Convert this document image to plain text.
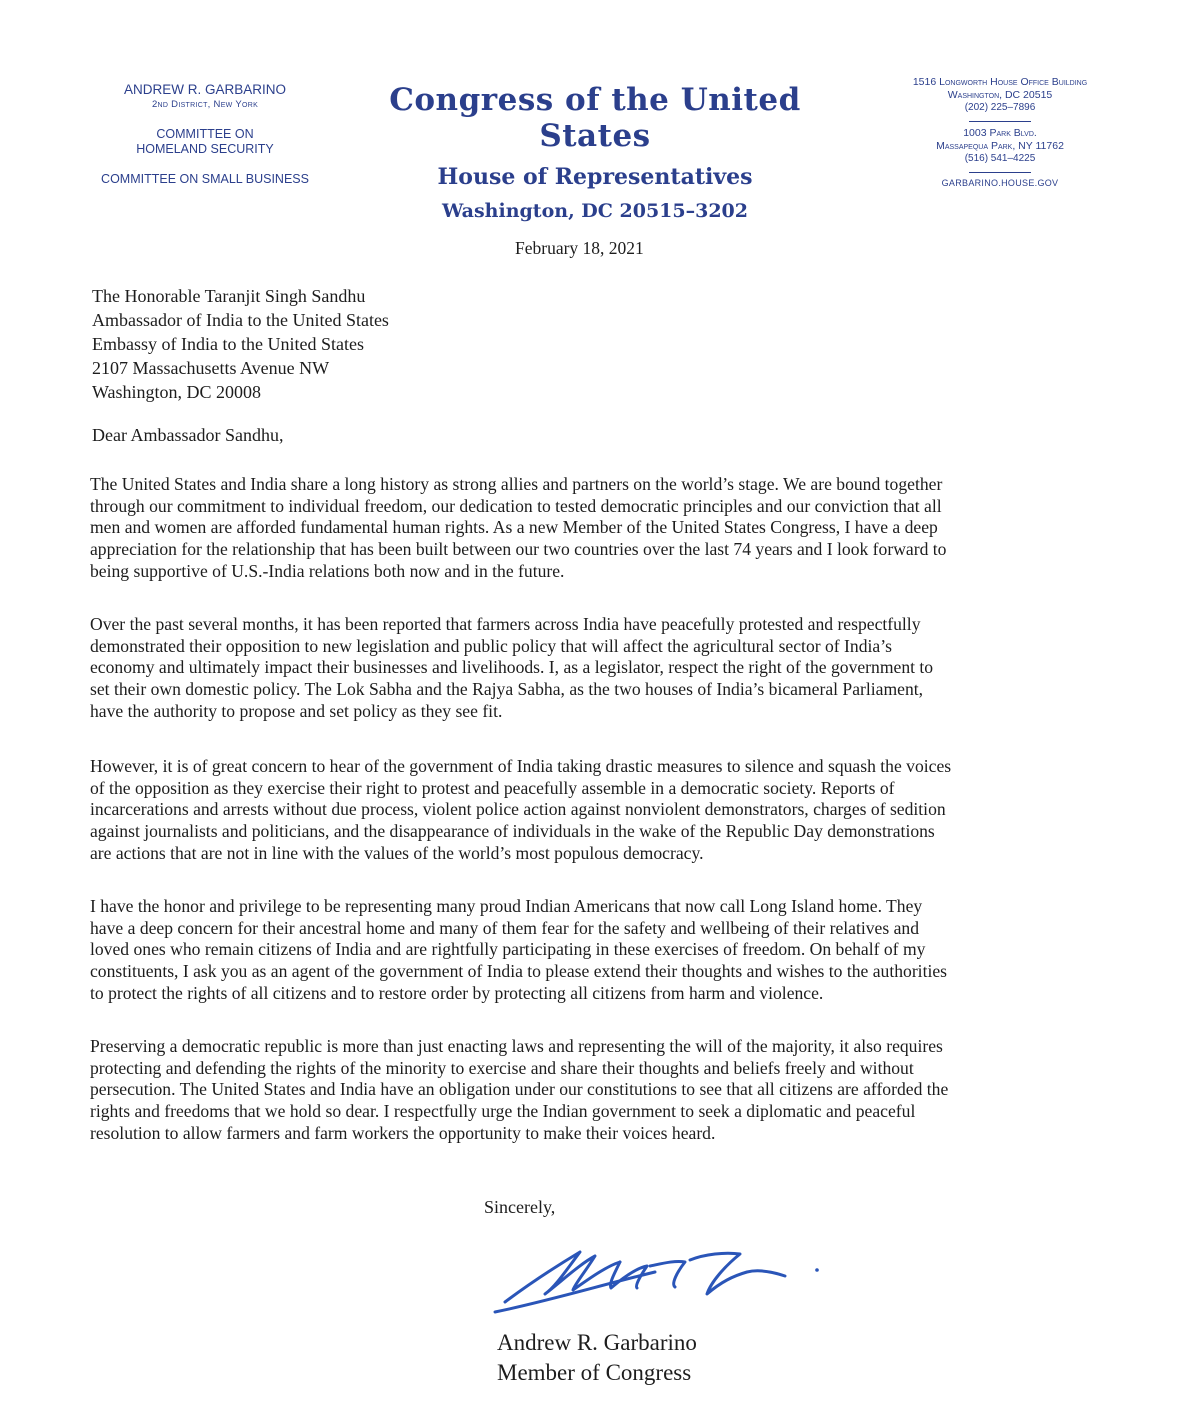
ANDREW R. GARBARINO
2nd District, New York
COMMITTEE ON
HOMELAND SECURITY
COMMITTEE ON SMALL BUSINESS
Congress of the United States
House of Representatives
Washington, DC 20515–3202
1516 Longworth House Office Building
Washington, DC 20515
(202) 225–7896
1003 Park Blvd.
Massapequa Park, NY 11762
(516) 541–4225
GARBARINO.HOUSE.GOV
February 18, 2021
The Honorable Taranjit Singh Sandhu
Ambassador of India to the United States
Embassy of India to the United States
2107 Massachusetts Avenue NW
Washington, DC 20008
Dear Ambassador Sandhu,
The United States and India share a long history as strong allies and partners on the world’s stage. We are bound together
through our commitment to individual freedom, our dedication to tested democratic principles and our conviction that all
men and women are afforded fundamental human rights. As a new Member of the United States Congress, I have a deep
appreciation for the relationship that has been built between our two countries over the last 74 years and I look forward to
being supportive of U.S.-India relations both now and in the future.
Over the past several months, it has been reported that farmers across India have peacefully protested and respectfully
demonstrated their opposition to new legislation and public policy that will affect the agricultural sector of India’s
economy and ultimately impact their businesses and livelihoods. I, as a legislator, respect the right of the government to
set their own domestic policy. The Lok Sabha and the Rajya Sabha, as the two houses of India’s bicameral Parliament,
have the authority to propose and set policy as they see fit.
However, it is of great concern to hear of the government of India taking drastic measures to silence and squash the voices
of the opposition as they exercise their right to protest and peacefully assemble in a democratic society. Reports of
incarcerations and arrests without due process, violent police action against nonviolent demonstrators, charges of sedition
against journalists and politicians, and the disappearance of individuals in the wake of the Republic Day demonstrations
are actions that are not in line with the values of the world’s most populous democracy.
I have the honor and privilege to be representing many proud Indian Americans that now call Long Island home. They
have a deep concern for their ancestral home and many of them fear for the safety and wellbeing of their relatives and
loved ones who remain citizens of India and are rightfully participating in these exercises of freedom. On behalf of my
constituents, I ask you as an agent of the government of India to please extend their thoughts and wishes to the authorities
to protect the rights of all citizens and to restore order by protecting all citizens from harm and violence.
Preserving a democratic republic is more than just enacting laws and representing the will of the majority, it also requires
protecting and defending the rights of the minority to exercise and share their thoughts and beliefs freely and without
persecution. The United States and India have an obligation under our constitutions to see that all citizens are afforded the
rights and freedoms that we hold so dear. I respectfully urge the Indian government to seek a diplomatic and peaceful
resolution to allow farmers and farm workers the opportunity to make their voices heard.
Sincerely,
Andrew R. Garbarino
Member of Congress
